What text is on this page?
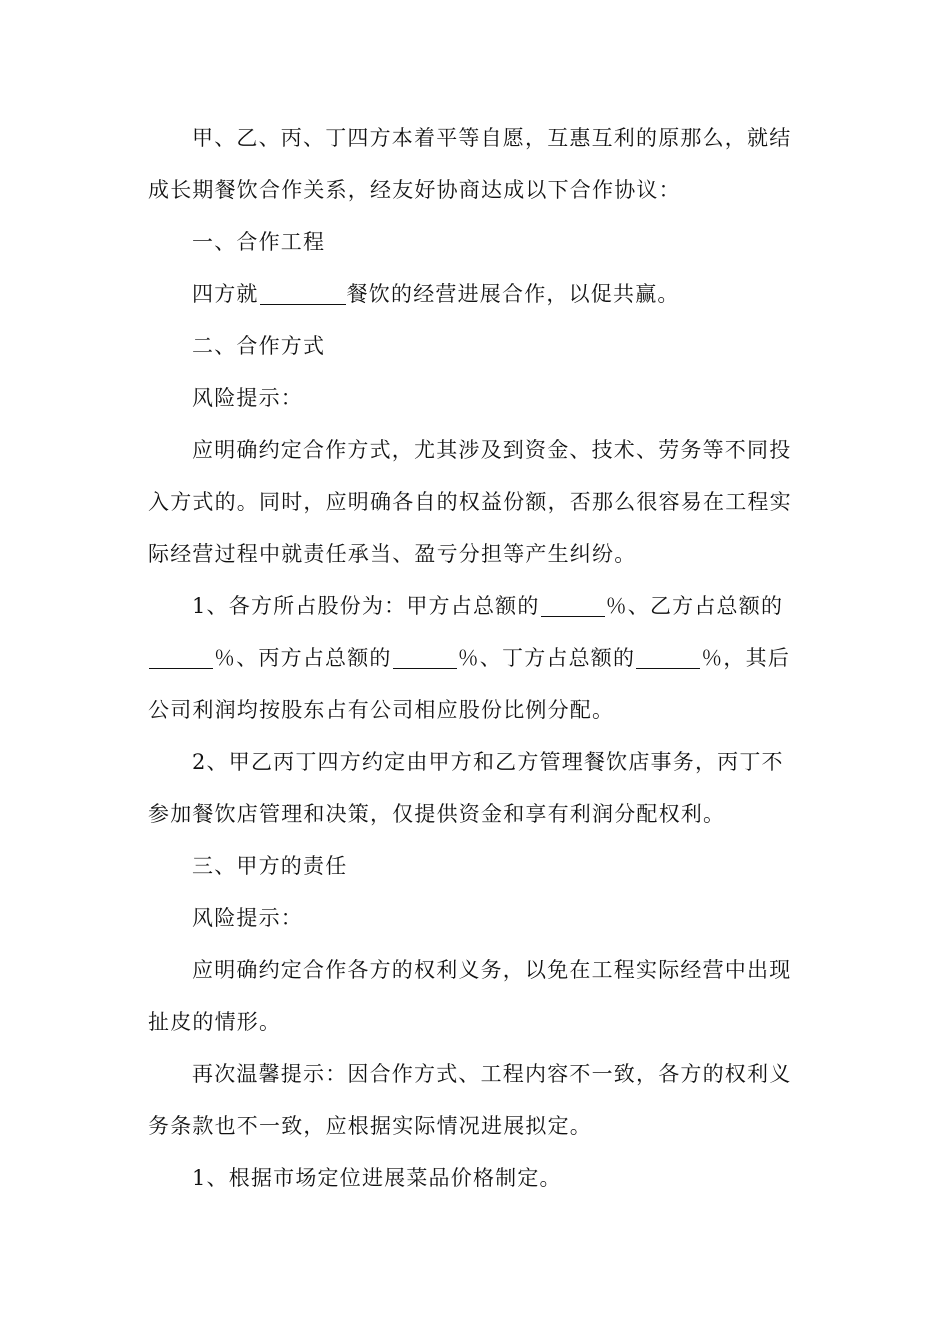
甲、乙、丙、丁四方本着平等自愿，互惠互利的原那么，就结
成长期餐饮合作关系，经友好协商达成以下合作协议：

一、合作工程

四方就	餐饮的经营进展合作，以促共赢。

二、合作方式

风险提示：

应明确约定合作方式，尤其涉及到资金、技术、劳务等不同投
入方式的。同时，应明确各自的权益份额，否那么很容易在工程实
际经营过程中就责任承当、盈亏分担等产生纠纷。

1、各方所占股份为：甲方占总额的	％、乙方占总额的
％、丙方占总额的	％、丁方占总额的	％，其后
公司利润均按股东占有公司相应股份比例分配。

2、甲乙丙丁四方约定由甲方和乙方管理餐饮店事务，丙丁不
参加餐饮店管理和决策，仅提供资金和享有利润分配权利。

三、甲方的责任

风险提示：

应明确约定合作各方的权利义务，以免在工程实际经营中出现
扯皮的情形。

再次温馨提示：因合作方式、工程内容不一致，各方的权利义
务条款也不一致，应根据实际情况进展拟定。

1、根据市场定位进展菜品价格制定。
